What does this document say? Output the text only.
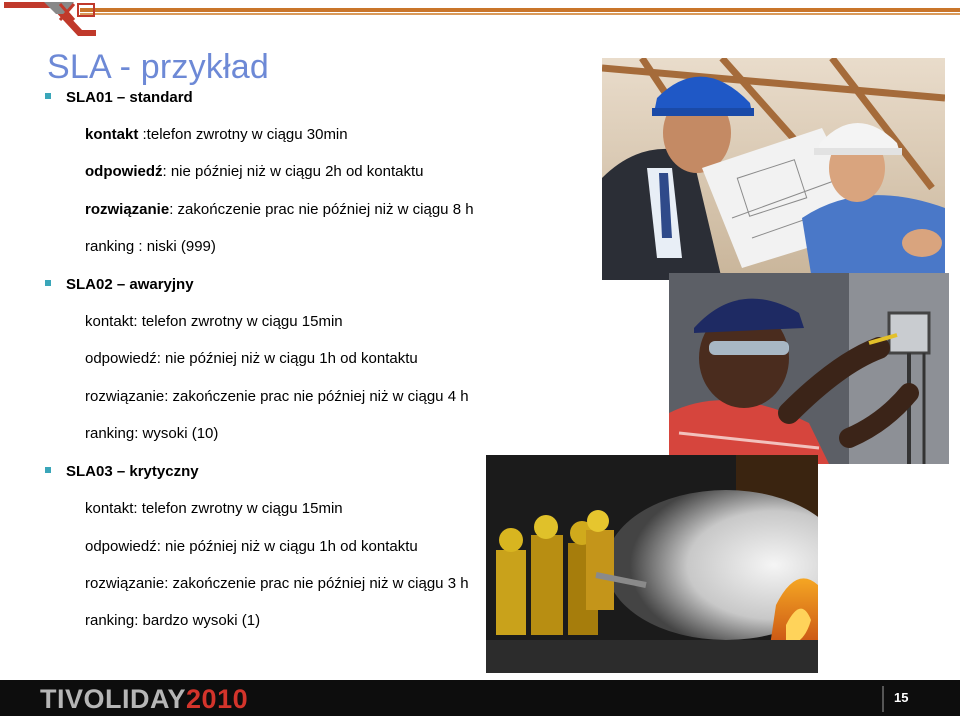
SLA - przykład
SLA01 – standard
kontakt :telefon zwrotny w ciągu 30min
odpowiedź: nie później niż w ciągu 2h od kontaktu
rozwiązanie: zakończenie prac nie później niż w ciągu 8 h
ranking : niski (999)
SLA02 – awaryjny
kontakt: telefon zwrotny w ciągu 15min
odpowiedź: nie później niż w ciągu 1h od kontaktu
rozwiązanie: zakończenie prac nie później niż w ciągu 4 h
ranking: wysoki (10)
SLA03 – krytyczny
kontakt: telefon zwrotny w ciągu 15min
odpowiedź: nie później niż w ciągu 1h od kontaktu
rozwiązanie: zakończenie prac nie później niż w ciągu 3 h
ranking: bardzo wysoki (1)
TIVOLIDAY2010	15
